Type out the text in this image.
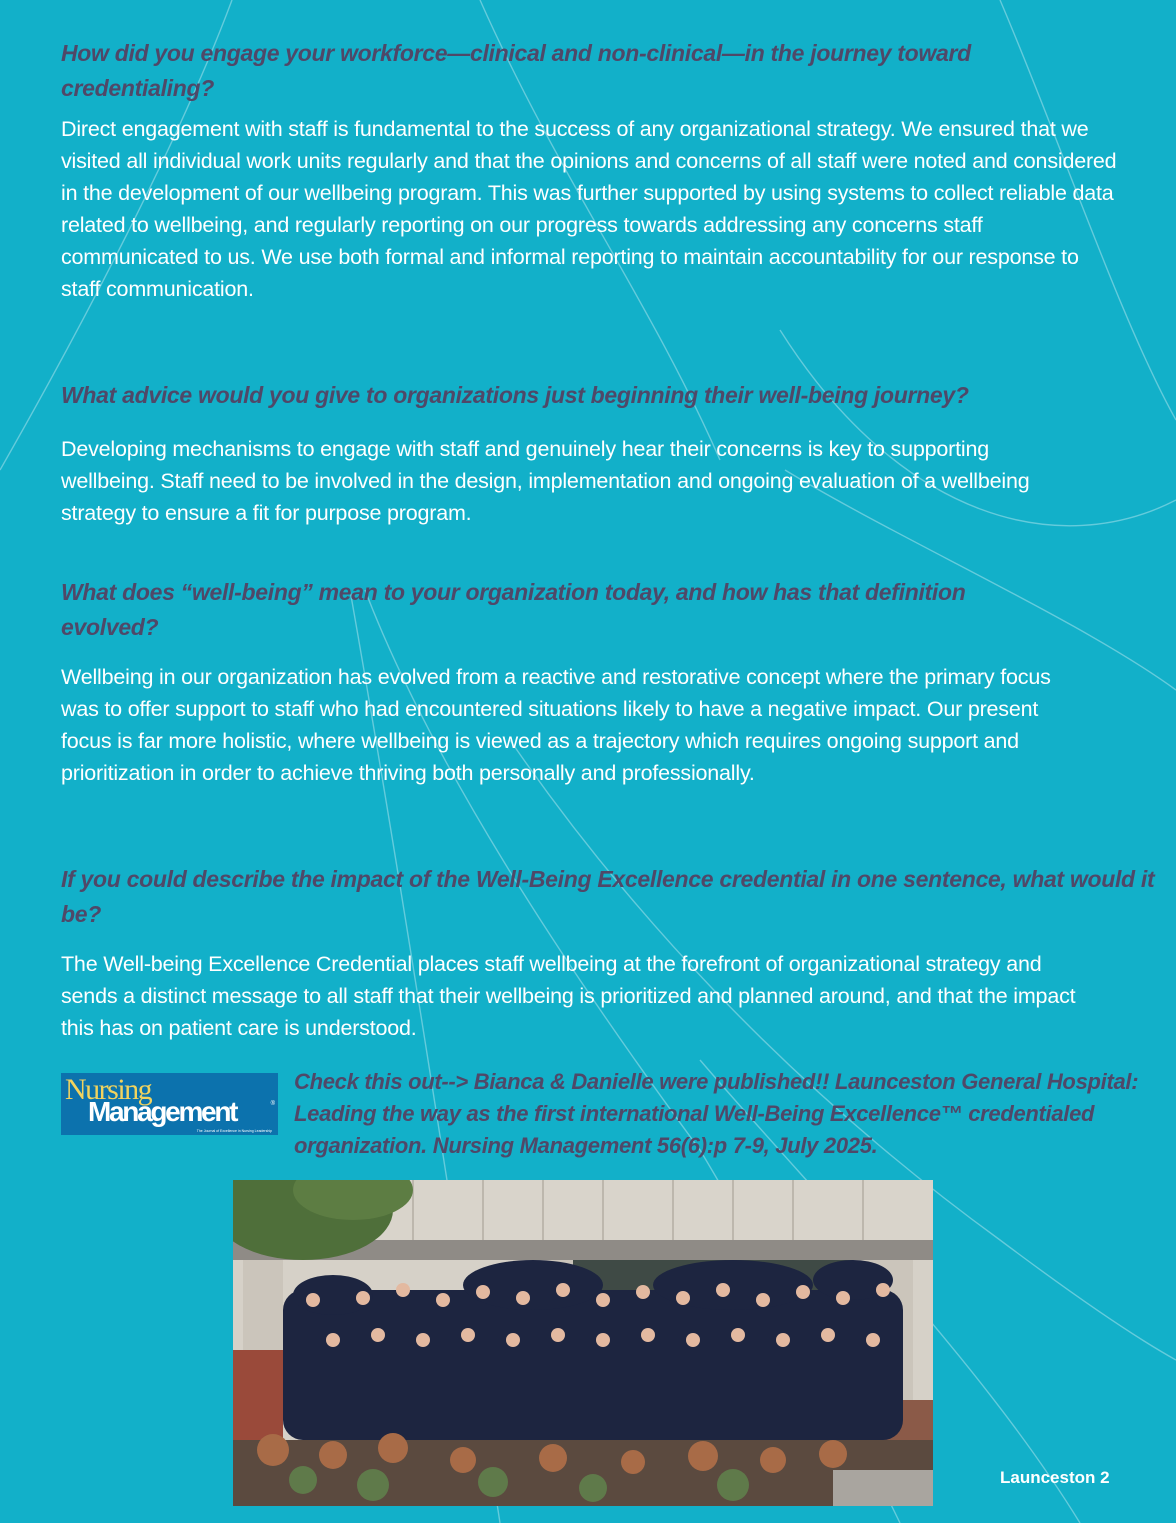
How did you engage your workforce—clinical and non-clinical—in the journey toward credentialing?

Direct engagement with staff is fundamental to the success of any organizational strategy. We ensured that we visited all individual work units regularly and that the opinions and concerns of all staff were noted and considered in the development of our wellbeing program. This was further supported by using systems to collect reliable data related to wellbeing, and regularly reporting on our progress towards addressing any concerns staff communicated to us. We use both formal and informal reporting to maintain accountability for our response to staff communication.

What advice would you give to organizations just beginning their well-being journey?

Developing mechanisms to engage with staff and genuinely hear their concerns is key to supporting wellbeing. Staff need to be involved in the design, implementation and ongoing evaluation of a wellbeing strategy to ensure a fit for purpose program.

What does “well-being” mean to your organization today, and how has that definition evolved?

Wellbeing in our organization has evolved from a reactive and restorative concept where the primary focus was to offer support to staff who had encountered situations likely to have a negative impact. Our present focus is far more holistic, where wellbeing is viewed as a trajectory which requires ongoing support and prioritization in order to achieve thriving both personally and professionally.

If you could describe the impact of the Well-Being Excellence credential in one sentence, what would it be?

The Well-being Excellence Credential places staff wellbeing at the forefront of organizational strategy and sends a distinct message to all staff that their wellbeing is prioritized and planned around, and that the impact this has on patient care is understood.

Nursing
Management	®
The Journal of Excellence in Nursing Leadership

Check this out--> Bianca & Danielle were published!! Launceston General Hospital: Leading the way as the first international Well-Being Excellence™ credentialed organization. Nursing Management 56(6):p 7-9, July 2025.

Launceston 2
